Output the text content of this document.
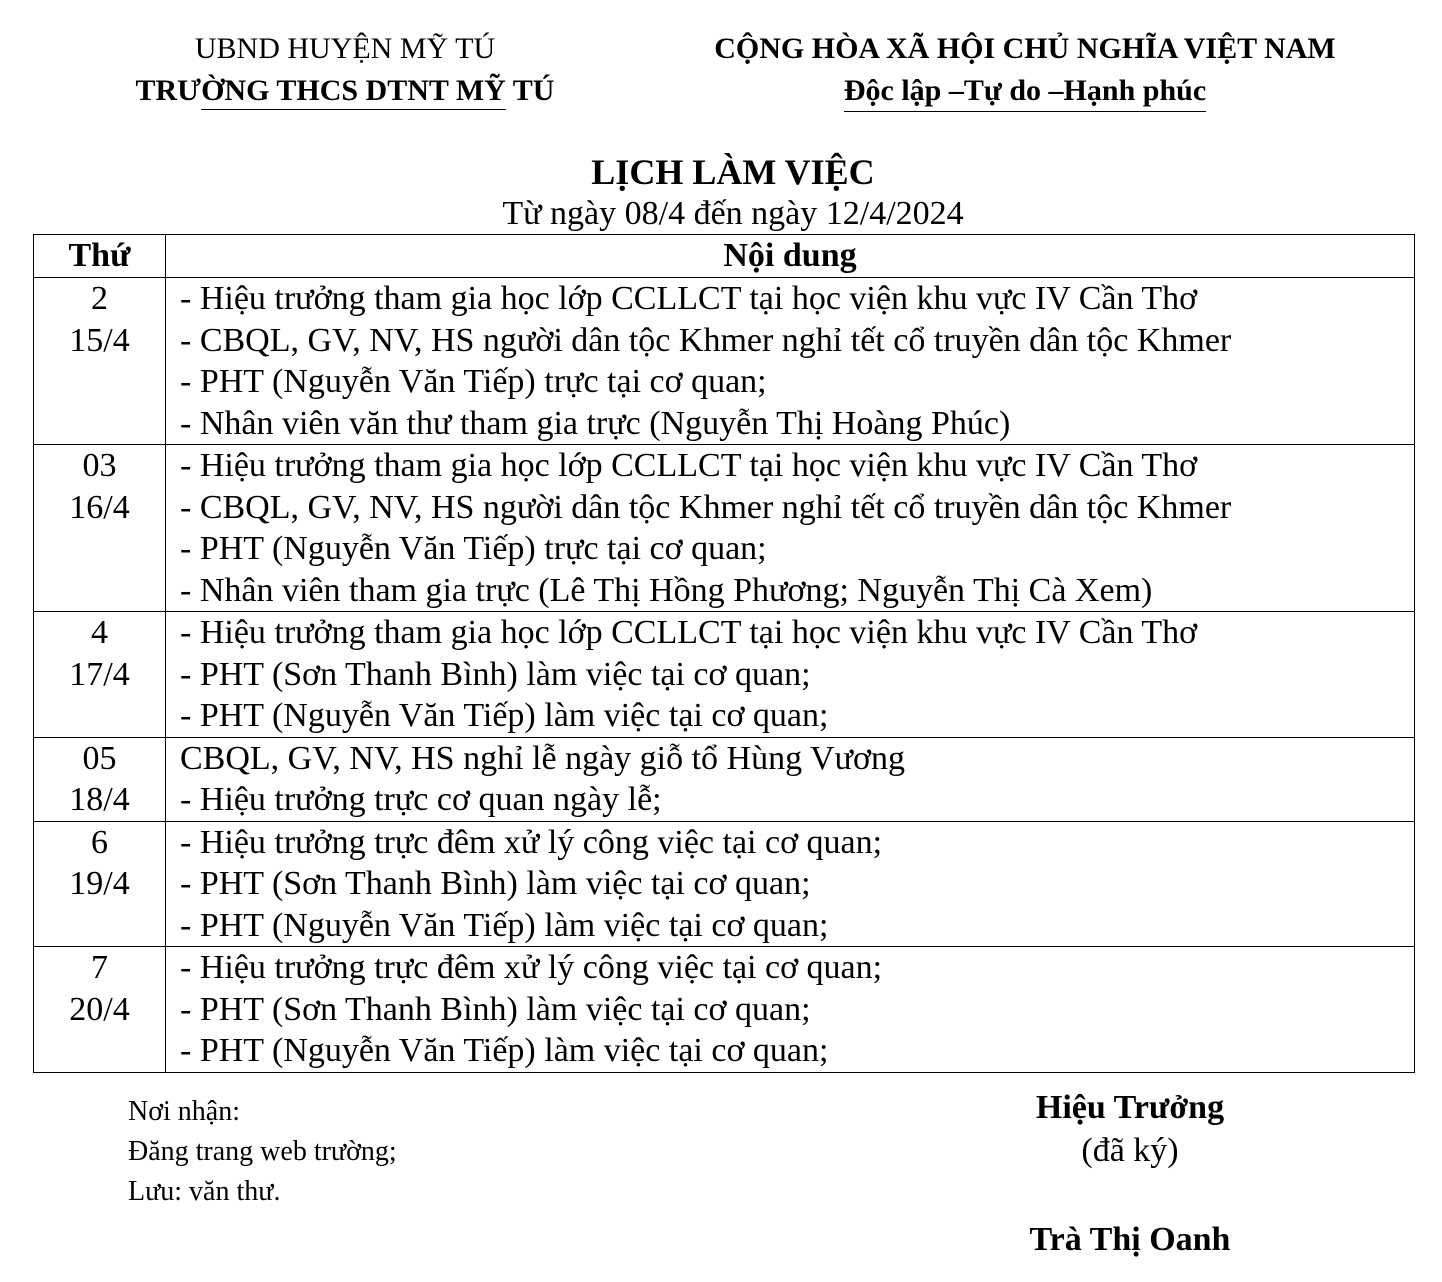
UBND HUYỆN MỸ TÚ
TRƯỜNG THCS DTNT MỸ TÚ
CỘNG HÒA XÃ HỘI CHỦ NGHĨA VIỆT NAM
Độc lập –Tự do –Hạnh phúc
LỊCH LÀM VIỆC
Từ ngày 08/4 đến ngày 12/4/2024
Thứ	Nội dung

2
15/4	- Hiệu trưởng tham gia học lớp CCLLCT tại học viện khu vực IV Cần Thơ
- CBQL, GV, NV, HS người dân tộc Khmer nghỉ tết cổ truyền dân tộc Khmer
- PHT (Nguyễn Văn Tiếp) trực tại cơ quan;
- Nhân viên văn thư tham gia trực (Nguyễn Thị Hoàng Phúc)

03
16/4	- Hiệu trưởng tham gia học lớp CCLLCT tại học viện khu vực IV Cần Thơ
- CBQL, GV, NV, HS người dân tộc Khmer nghỉ tết cổ truyền dân tộc Khmer
- PHT (Nguyễn Văn Tiếp) trực tại cơ quan;
- Nhân viên tham gia trực (Lê Thị Hồng Phương; Nguyễn Thị Cà Xem)

4
17/4	- Hiệu trưởng tham gia học lớp CCLLCT tại học viện khu vực IV Cần Thơ
- PHT (Sơn Thanh Bình) làm việc tại cơ quan;
- PHT (Nguyễn Văn Tiếp) làm việc tại cơ quan;

05
18/4	CBQL, GV, NV, HS nghỉ lễ ngày giỗ tổ Hùng Vương
- Hiệu trưởng trực cơ quan ngày lễ;

6
19/4	- Hiệu trưởng trực đêm xử lý công việc tại cơ quan;
- PHT (Sơn Thanh Bình) làm việc tại cơ quan;
- PHT (Nguyễn Văn Tiếp) làm việc tại cơ quan;

7
20/4	- Hiệu trưởng trực đêm xử lý công việc tại cơ quan;
- PHT (Sơn Thanh Bình) làm việc tại cơ quan;
- PHT (Nguyễn Văn Tiếp) làm việc tại cơ quan;
Nơi nhận:
Đăng trang web trường;
Lưu: văn thư.
Hiệu Trưởng
(đã ký)
Trà Thị Oanh
